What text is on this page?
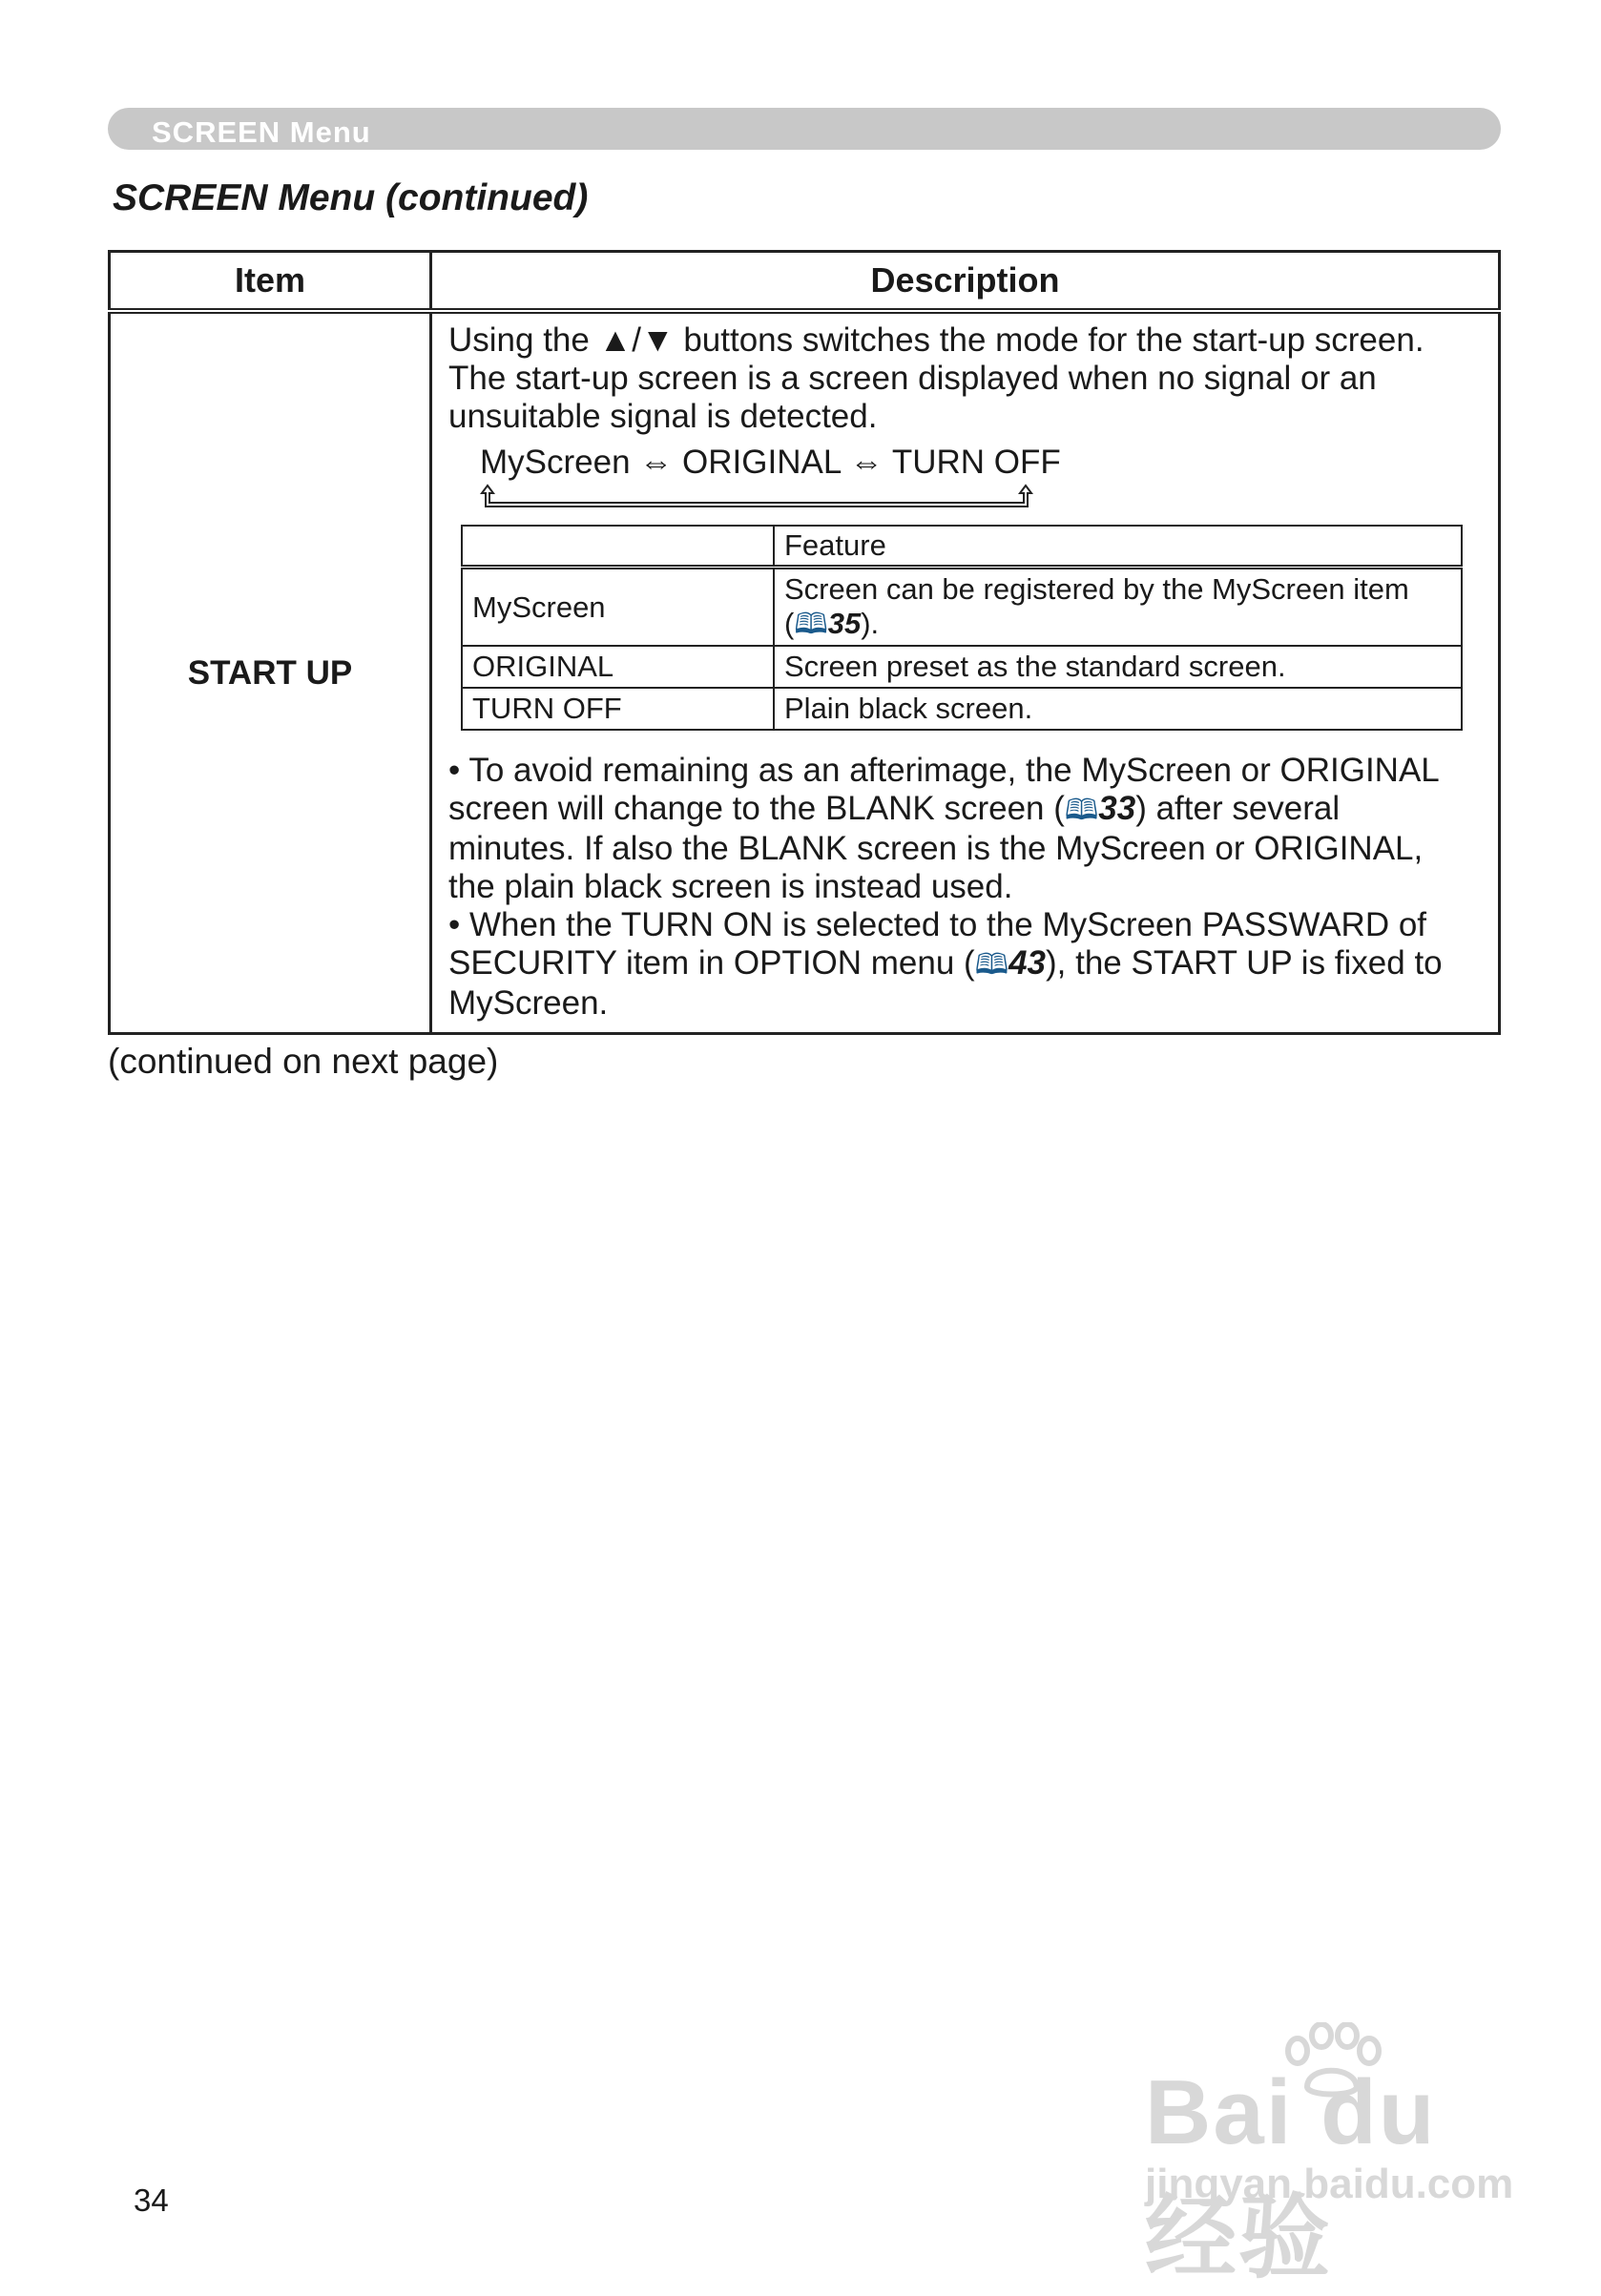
SCREEN Menu
SCREEN Menu (continued)
Item	Description
START UP	

Using the ▲/▼ buttons switches the mode for the start-up screen. The start-up screen is a screen displayed when no signal or an unsuitable signal is detected.

MyScreen ⇔ ORIGINAL ⇔ TURN OFF
	Feature
MyScreen	Screen can be registered by the MyScreen item (🕮35).
ORIGINAL	Screen preset as the standard screen.
TURN OFF	Plain black screen.

• To avoid remaining as an afterimage, the MyScreen or ORIGINAL screen will change to the BLANK screen (🕮33) after several minutes. If also the BLANK screen is the MyScreen or ORIGINAL, the plain black screen is instead used.

• When the TURN ON is selected to the MyScreen PASSWARD of SECURITY item in OPTION menu (🕮43), the START UP is fixed to MyScreen.

(continued on next page)
34
Bai du 经验
jingyan.baidu.com
